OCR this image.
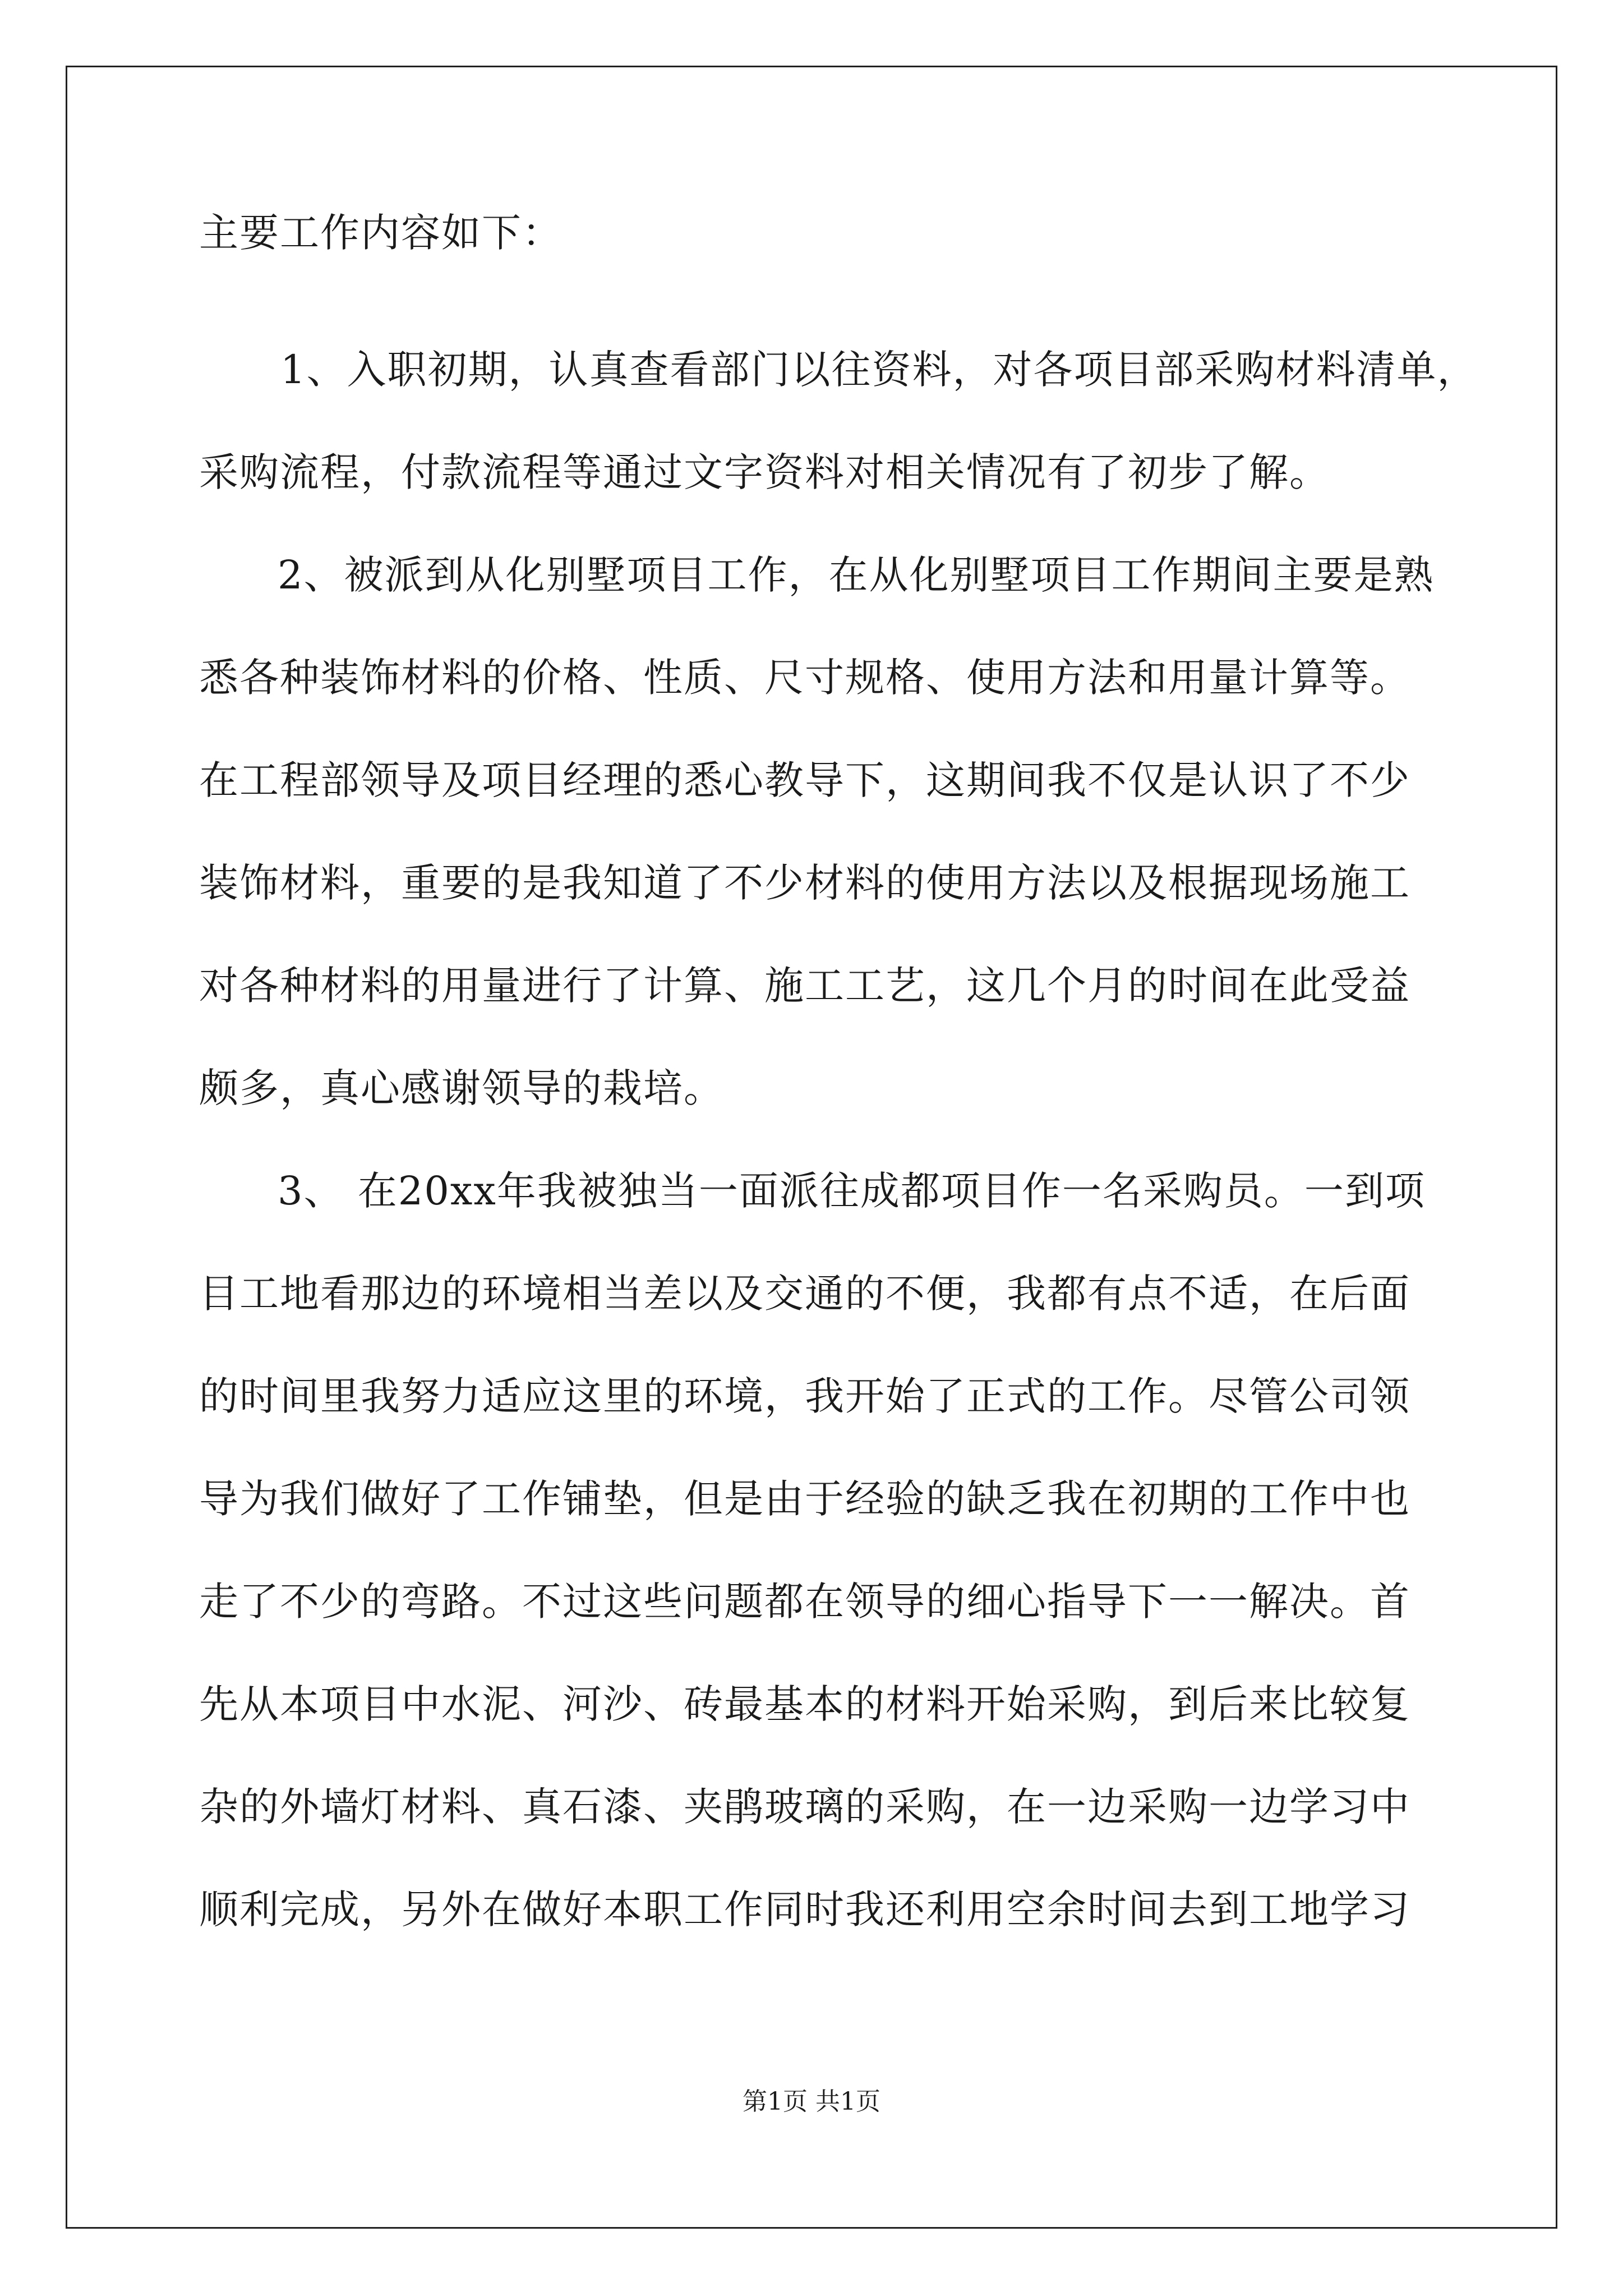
主要工作内容如下：
1、入职初期，认真查看部门以往资料，对各项目部采购材料清单，
采购流程，付款流程等通过文字资料对相关情况有了初步了解。
2、被派到从化别墅项目工作，在从化别墅项目工作期间主要是熟
悉各种装饰材料的价格、性质、尺寸规格、使用方法和用量计算等。
在工程部领导及项目经理的悉心教导下，这期间我不仅是认识了不少
装饰材料，重要的是我知道了不少材料的使用方法以及根据现场施工
对各种材料的用量进行了计算、施工工艺，这几个月的时间在此受益
颇多，真心感谢领导的栽培。
3、 在20xx年我被独当一面派往成都项目作一名采购员。一到项
目工地看那边的环境相当差以及交通的不便，我都有点不适，在后面
的时间里我努力适应这里的环境，我开始了正式的工作。尽管公司领
导为我们做好了工作铺垫，但是由于经验的缺乏我在初期的工作中也
走了不少的弯路。不过这些问题都在领导的细心指导下一一解决。首
先从本项目中水泥、河沙、砖最基本的材料开始采购，到后来比较复
杂的外墙灯材料、真石漆、夹鹃玻璃的采购，在一边采购一边学习中
顺利完成，另外在做好本职工作同时我还利用空余时间去到工地学习
第1页 共1页
